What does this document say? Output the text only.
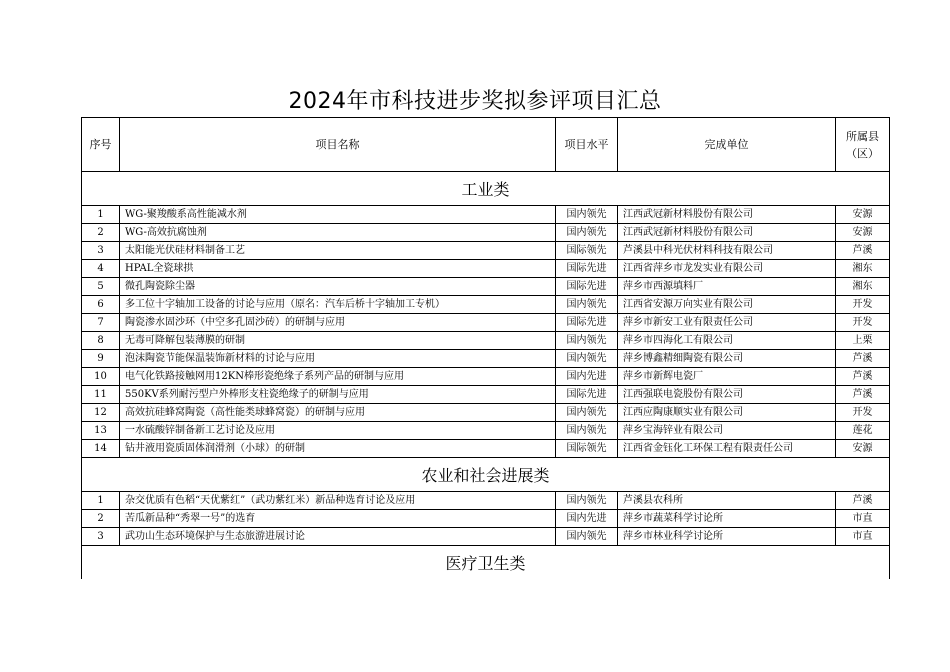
2024年市科技进步奖拟参评项目汇总
序号	项目名称	项目水平	完成单位	所属县（区）
工业类				
1	WG-聚羧酸系高性能减水剂	国内领先	江西武冠新材料股份有限公司	安源
2	WG-高效抗腐蚀剂	国内领先	江西武冠新材料股份有限公司	安源
3	太阳能光伏硅材料制备工艺	国际领先	芦溪县中科光伏材料科技有限公司	芦溪
4	HPAL全瓷球拱	国际先进	江西省萍乡市龙发实业有限公司	湘东
5	微孔陶瓷除尘器	国际先进	萍乡市西源填料厂	湘东
6	多工位十字轴加工设备的讨论与应用（原名：汽车后桥十字轴加工专机）	国内领先	江西省安源万向实业有限公司	开发
7	陶瓷渗水固沙环（中空多孔固沙砖）的研制与应用	国际先进	萍乡市新安工业有限责任公司	开发
8	无毒可降解包装薄膜的研制	国内领先	萍乡市四海化工有限公司	上栗
9	泡沫陶瓷节能保温装饰新材料的讨论与应用	国内领先	萍乡博鑫精细陶瓷有限公司	芦溪
10	电气化铁路接触网用12KN棒形瓷绝缘子系列产品的研制与应用	国内先进	萍乡市新辉电瓷厂	芦溪
11	550KV系列耐污型户外棒形支柱瓷绝缘子的研制与应用	国际先进	江西强联电瓷股份有限公司	芦溪
12	高效抗硅蜂窝陶瓷（高性能类球蜂窝瓷）的研制与应用	国内领先	江西应陶康顺实业有限公司	开发
13	一水硫酸锌制备新工艺讨论及应用	国内领先	萍乡宝海锌业有限公司	莲花
14	钻井液用瓷质固体润滑剂（小球）的研制	国际领先	江西省金钰化工环保工程有限责任公司	安源
农业和社会进展类				
1	杂交优质有色稻“天优紫红”（武功紫红米）新品种选育讨论及应用	国内领先	芦溪县农科所	芦溪
2	苦瓜新品种“秀翠一号”的选育	国内先进	萍乡市蔬菜科学讨论所	市直
3	武功山生态环境保护与生态旅游进展讨论	国内领先	萍乡市林业科学讨论所	市直
医疗卫生类				
